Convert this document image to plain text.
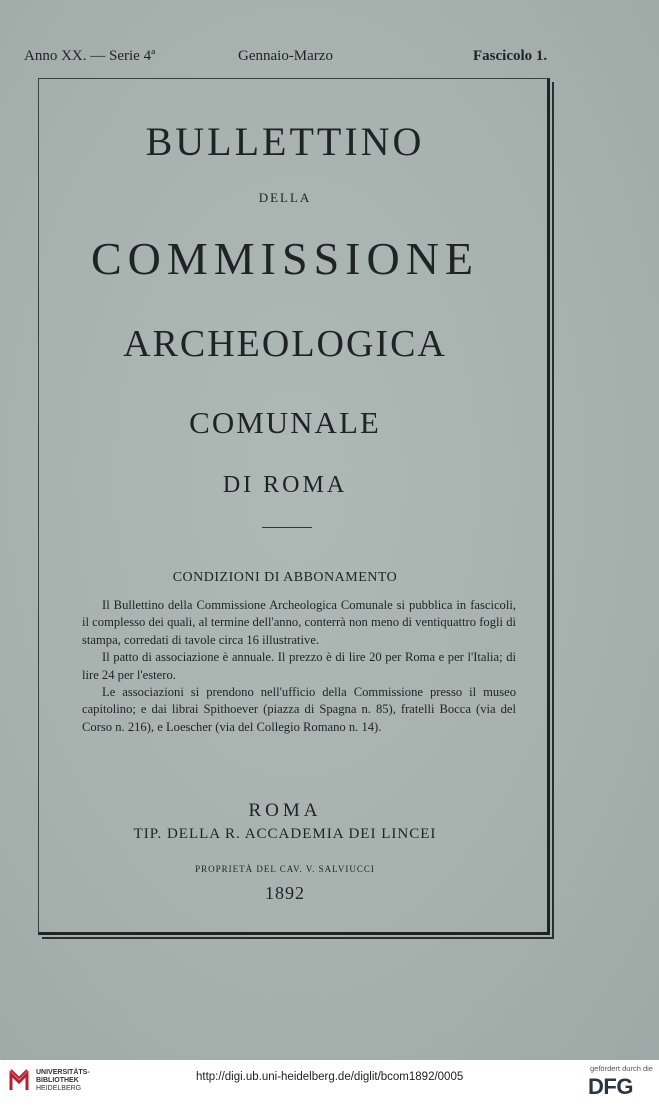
Anno XX. — Serie 4ª	Gennaio-Marzo	Fascicolo 1.
BULLETTINO
DELLA
COMMISSIONE
ARCHEOLOGICA
COMUNALE
DI ROMA
CONDIZIONI DI ABBONAMENTO

Il Bullettino della Commissione Archeologica Comunale si pubblica in fascicoli, il complesso dei quali, al termine dell'anno, conterrà non meno di ventiquattro fogli di stampa, corredati di tavole circa 16 illustrative.

Il patto di associazione è annuale. Il prezzo è di lire 20 per Roma e per l'Italia; di lire 24 per l'estero.

Le associazioni si prendono nell'ufficio della Commissione presso il museo capitolino; e dai librai Spithoever (piazza di Spagna n. 85), fratelli Bocca (via del Corso n. 216), e Loescher (via del Collegio Romano n. 14).

ROMA
TIP. DELLA R. ACCADEMIA DEI LINCEI
PROPRIETÀ DEL CAV. V. SALVIUCCI
1892
UNIVERSITÄTS-
BIBLIOTHEK
HEIDELBERG
http://digi.ub.uni-heidelberg.de/diglit/bcom1892/0005
gefördert durch die
DFG
